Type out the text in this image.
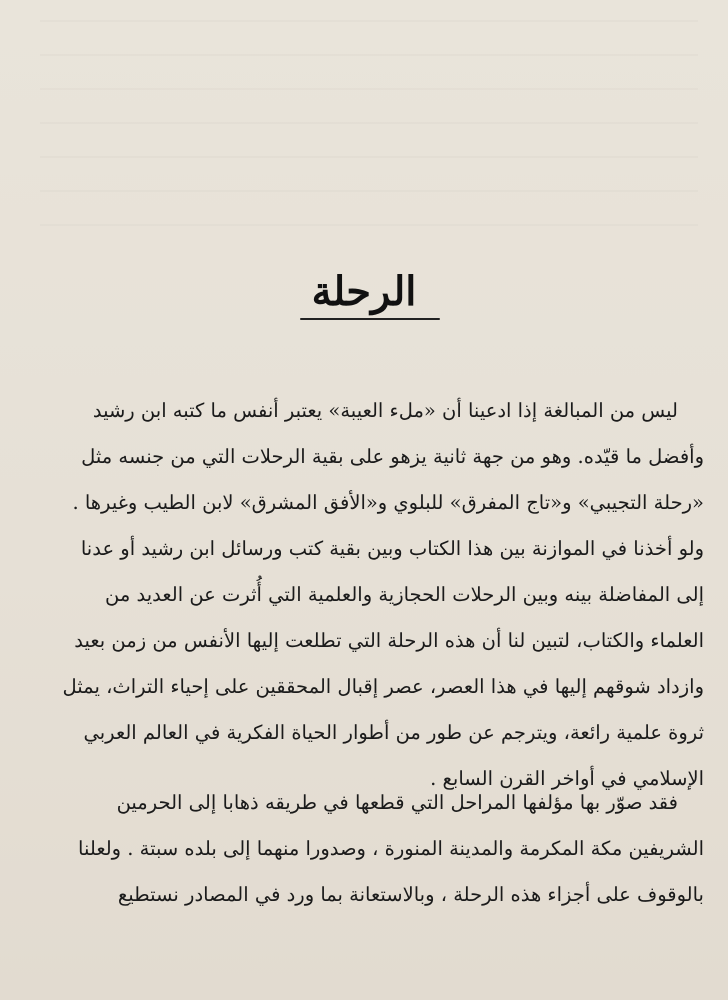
الرحلة
ليس من المبالغة إذا ادعينا أن «ملء العيبة» يعتبر أنفس ما كتبه ابن رشيد
وأفضل ما قيّده. وهو من جهة ثانية يزهو على بقية الرحلات التي من جنسه مثل
«رحلة التجيبي» و«تاج المفرق» للبلوي و«الأفق المشرق» لابن الطيب وغيرها .
ولو أخذنا في الموازنة بين هذا الكتاب وبين بقية كتب ورسائل ابن رشيد أو عدنا
إلى المفاضلة بينه وبين الرحلات الحجازية والعلمية التي أُثرت عن العديد من
العلماء والكتاب، لتبين لنا أن هذه الرحلة التي تطلعت إليها الأنفس من زمن بعيد
وازداد شوقهم إليها في هذا العصر، عصر إقبال المحققين على إحياء التراث، يمثل
ثروة علمية رائعة، ويترجم عن طور من أطوار الحياة الفكرية في العالم العربي
الإسلامي في أواخر القرن السابع .
فقد صوّر بها مؤلفها المراحل التي قطعها في طريقه ذهابا إلى الحرمين
الشريفين مكة المكرمة والمدينة المنورة ، وصدورا منهما إلى بلده سبتة . ولعلنا
بالوقوف على أجزاء هذه الرحلة ، وبالاستعانة بما ورد في المصادر نستطيع
